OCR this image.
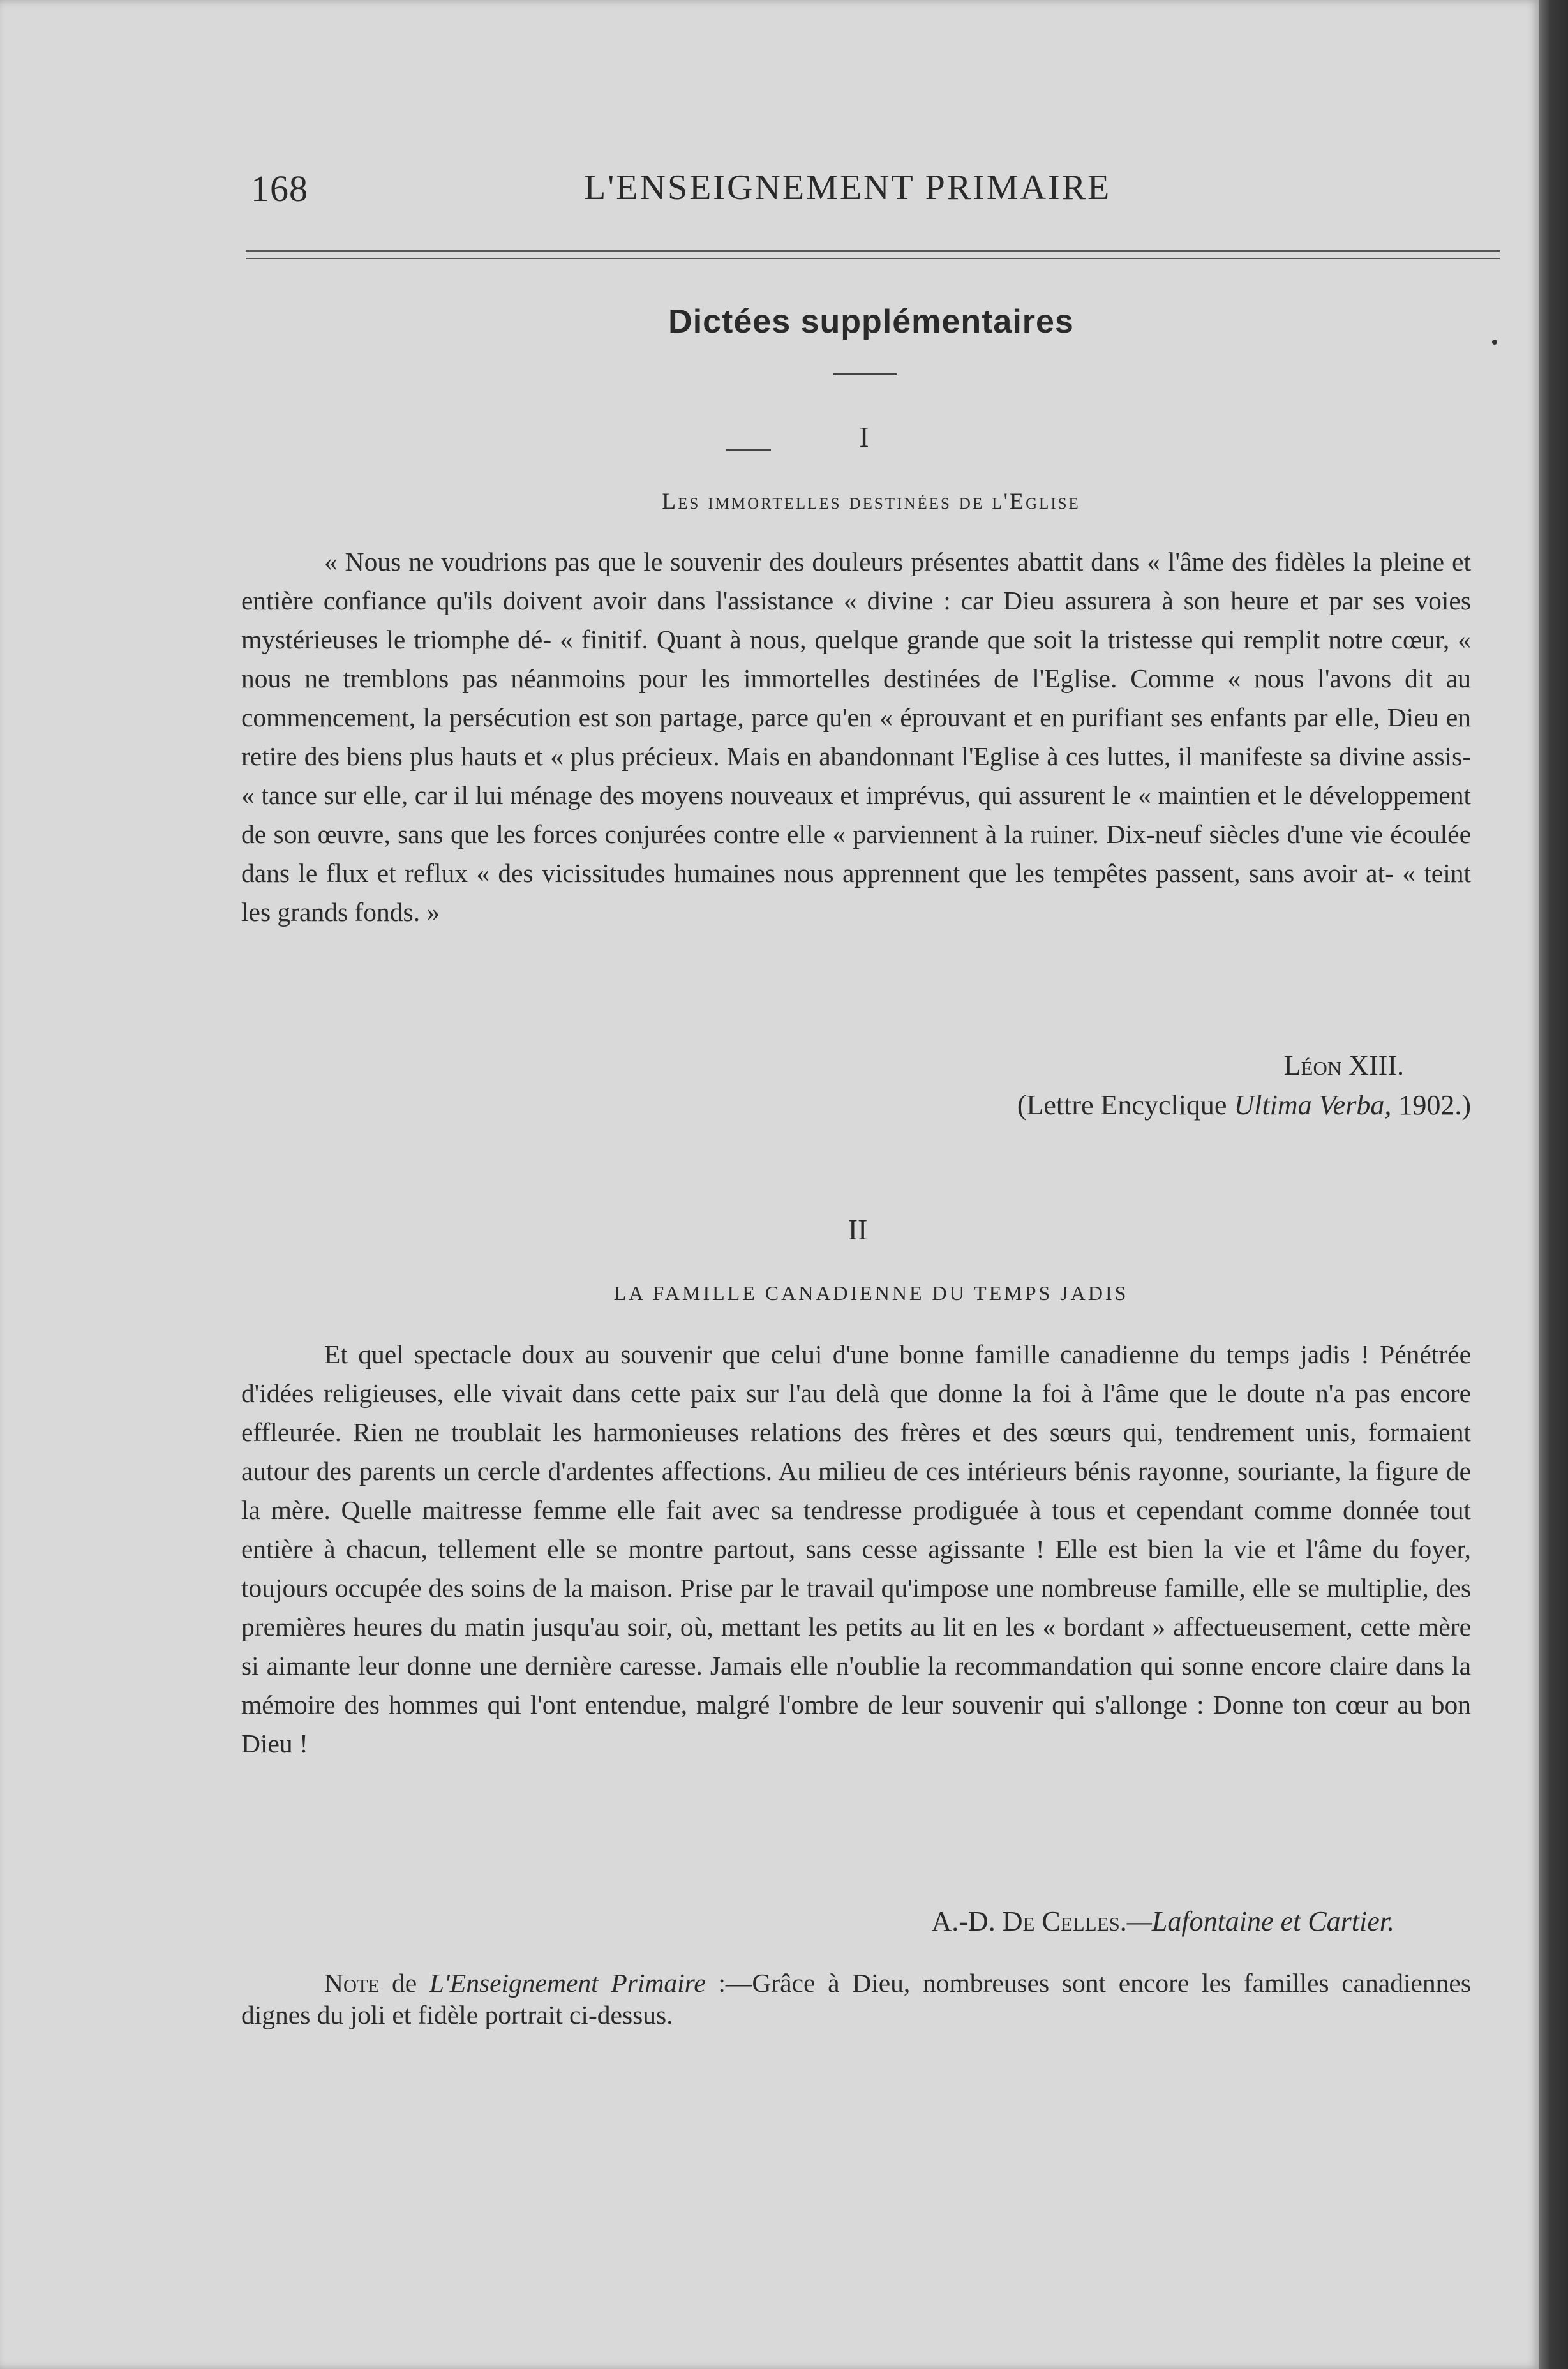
168	L'ENSEIGNEMENT PRIMAIRE
Dictées supplémentaires
I
Les immortelles destinées de l'Eglise

« Nous ne voudrions pas que le souvenir des douleurs présentes abattit dans « l'âme des fidèles la pleine et entière confiance qu'ils doivent avoir dans l'assistance « divine : car Dieu assurera à son heure et par ses voies mystérieuses le triomphe dé- « finitif. Quant à nous, quelque grande que soit la tristesse qui remplit notre cœur, « nous ne tremblons pas néanmoins pour les immortelles destinées de l'Eglise. Comme « nous l'avons dit au commencement, la persécution est son partage, parce qu'en « éprouvant et en purifiant ses enfants par elle, Dieu en retire des biens plus hauts et « plus précieux. Mais en abandonnant l'Eglise à ces luttes, il manifeste sa divine assis- « tance sur elle, car il lui ménage des moyens nouveaux et imprévus, qui assurent le « maintien et le développement de son œuvre, sans que les forces conjurées contre elle « parviennent à la ruiner. Dix-neuf siècles d'une vie écoulée dans le flux et reflux « des vicissitudes humaines nous apprennent que les tempêtes passent, sans avoir at- « teint les grands fonds. »

Léon XIII.
(Lettre Encyclique Ultima Verba, 1902.)
II
LA FAMILLE CANADIENNE DU TEMPS JADIS

Et quel spectacle doux au souvenir que celui d'une bonne famille canadienne du temps jadis ! Pénétrée d'idées religieuses, elle vivait dans cette paix sur l'au delà que donne la foi à l'âme que le doute n'a pas encore effleurée. Rien ne troublait les harmonieuses relations des frères et des sœurs qui, tendrement unis, formaient autour des parents un cercle d'ardentes affections. Au milieu de ces intérieurs bénis rayonne, souriante, la figure de la mère. Quelle maitresse femme elle fait avec sa tendresse prodiguée à tous et cependant comme donnée tout entière à chacun, tellement elle se montre partout, sans cesse agissante ! Elle est bien la vie et l'âme du foyer, toujours occupée des soins de la maison. Prise par le travail qu'impose une nombreuse famille, elle se multiplie, des premières heures du matin jusqu'au soir, où, mettant les petits au lit en les « bordant » affectueusement, cette mère si aimante leur donne une dernière caresse. Jamais elle n'oublie la recommandation qui sonne encore claire dans la mémoire des hommes qui l'ont entendue, malgré l'ombre de leur souvenir qui s'allonge : Donne ton cœur au bon Dieu !

A.-D. De Celles.—Lafontaine et Cartier.

Note de L'Enseignement Primaire :—Grâce à Dieu, nombreuses sont encore les familles canadiennes dignes du joli et fidèle portrait ci-dessus.
